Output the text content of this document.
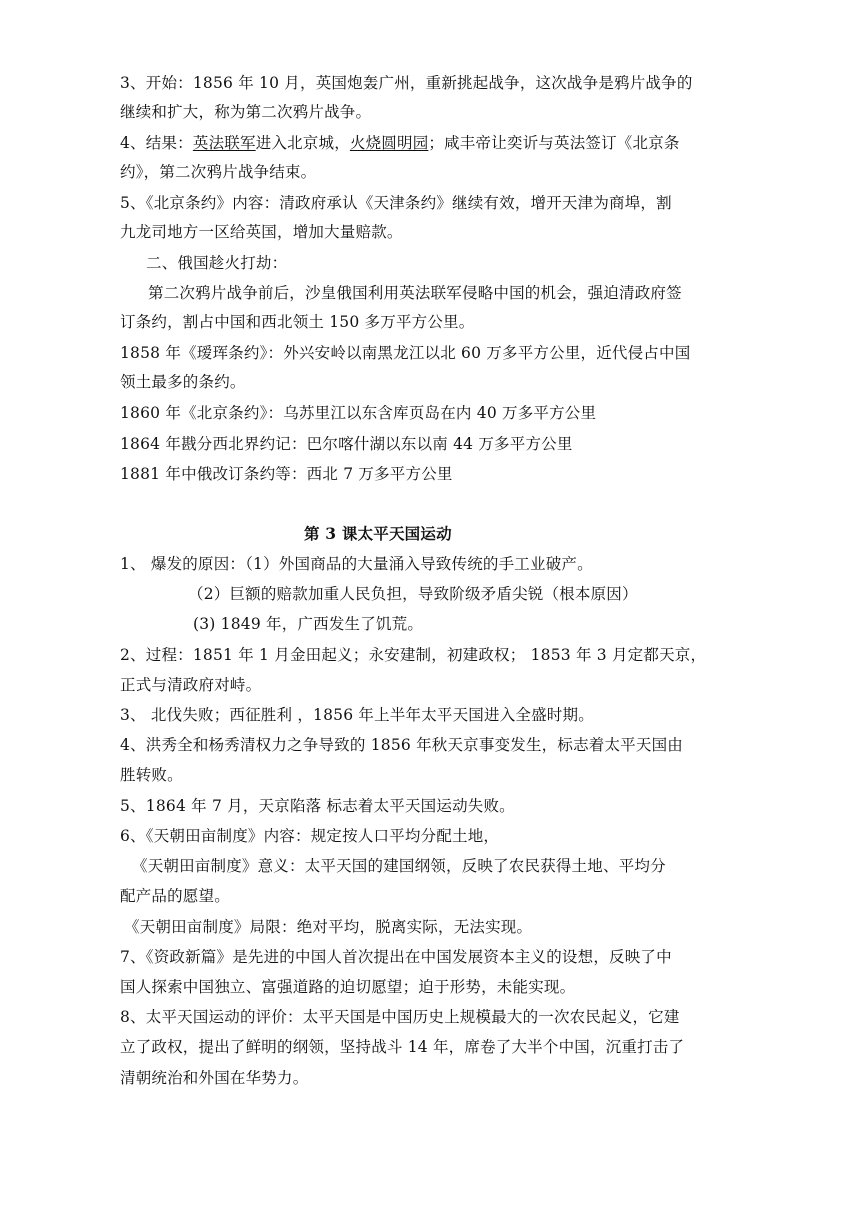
3、开始：1856 年 10 月，英国炮轰广州，重新挑起战争，这次战争是鸦片战争的
继续和扩大，称为第二次鸦片战争。
4、结果：英法联军进入北京城，火烧圆明园；咸丰帝让奕䜣与英法签订《北京条
约》，第二次鸦片战争结束。
5、《北京条约》内容：清政府承认《天津条约》继续有效，增开天津为商埠，割
九龙司地方一区给英国，增加大量赔款。
二、俄国趁火打劫：
第二次鸦片战争前后，沙皇俄国利用英法联军侵略中国的机会，强迫清政府签
订条约，割占中国和西北领土 150 多万平方公里。
1858 年《瑷珲条约》：外兴安岭以南黑龙江以北 60 万多平方公里，近代侵占中国
领土最多的条约。
1860 年《北京条约》：乌苏里江以东含库页岛在内 40 万多平方公里
1864 年戡分西北界约记：巴尔喀什湖以东以南 44 万多平方公里
1881 年中俄改订条约等：西北 7 万多平方公里
第 3 课太平天国运动
1、 爆发的原因：（1）外国商品的大量涌入导致传统的手工业破产。
（2）巨额的赔款加重人民负担，导致阶级矛盾尖锐（根本原因）
(3) 1849 年，广西发生了饥荒。
2、过程：1851 年 1 月金田起义；永安建制，初建政权； 1853 年 3 月定都天京，
正式与清政府对峙。
3、 北伐失败；西征胜利 ，1856 年上半年太平天国进入全盛时期。
4、洪秀全和杨秀清权力之争导致的 1856 年秋天京事变发生，标志着太平天国由
胜转败。
5、1864 年 7 月，天京陷落 标志着太平天国运动失败。
6、《天朝田亩制度》内容：规定按人口平均分配土地，
《天朝田亩制度》意义：太平天国的建国纲领，反映了农民获得土地、平均分
配产品的愿望。
《天朝田亩制度》局限：绝对平均，脱离实际，无法实现。
7、《资政新篇》是先进的中国人首次提出在中国发展资本主义的设想，反映了中
国人探索中国独立、富强道路的迫切愿望；迫于形势，未能实现。
8、太平天国运动的评价：太平天国是中国历史上规模最大的一次农民起义，它建
立了政权，提出了鲜明的纲领，坚持战斗 14 年，席卷了大半个中国，沉重打击了
清朝统治和外国在华势力。
